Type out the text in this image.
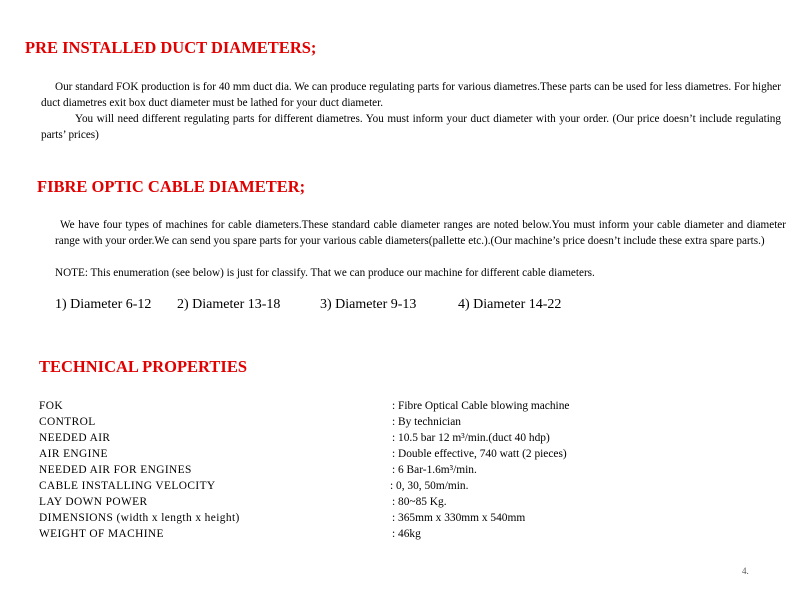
PRE INSTALLED DUCT DIAMETERS;

Our standard FOK production is for 40 mm duct dia. We can produce regulating parts for various diametres.These parts can be used for less diametres. For higher duct diametres exit box duct diameter must be lathed for your duct diameter.

You will need different regulating parts for different diametres. You must inform your duct diameter with your order. (Our price doesn’t include regulating parts’ prices)

FIBRE OPTIC CABLE DIAMETER;

We have four types of machines for cable diameters.These standard cable diameter ranges are noted below.You must inform your cable diameter and diameter range with your order.We can send you spare parts for your various cable diameters(pallette etc.).(Our machine’s price doesn’t include these extra spare parts.)

NOTE: This enumeration (see below) is just for classify. That we can produce our machine for different cable diameters.

1) Diameter 6-12 2) Diameter 13-18	3) Diameter 9-13	4) Diameter 14-22
TECHNICAL PROPERTIES
FOK	: Fibre Optical Cable blowing machine
CONTROL	: By technician
NEEDED AIR	: 10.5 bar 12 m³/min.(duct 40 hdp)
AIR ENGINE	: Double effective, 740 watt (2 pieces)
NEEDED AIR FOR ENGINES	: 6 Bar-1.6m³/min.
CABLE INSTALLING VELOCITY	: 0, 30, 50m/min.
LAY DOWN POWER	: 80~85 Kg.
DIMENSIONS (width x length x height)	: 365mm x 330mm x 540mm
WEIGHT OF MACHINE	: 46kg
4.
